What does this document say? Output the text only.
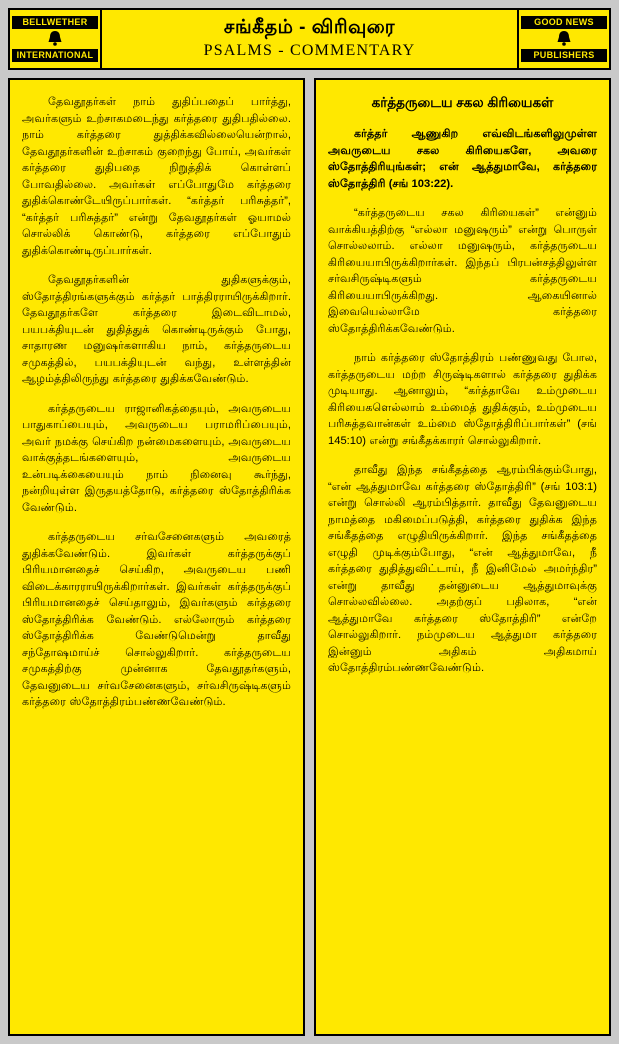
BELLWETHER
INTERNATIONAL
சங்கீதம் - விரிவுரை
PSALMS - COMMENTARY
GOOD NEWS
PUBLISHERS

தேவதூதர்கள் நாம் துதிப்பதைப் பார்த்து, அவர்களும் உற்சாகமடைந்து கர்த்தரை துதிபதில்லை. நாம் கர்த்தரை துத்திக்கவில்லையென்றால், தேவதூதர்களின் உற்சாகம் குறைந்து போய், அவர்கள் கர்த்தரை துதிபதை நிறுத்திக் கொள்ளப் போவதில்லை. அவர்கள் எப்போதுமே கர்த்தரை துதிக்கொண்டேயிருப்பார்கள். “கர்த்தர் பரிசுத்தர்”, “கர்த்தர் பரிசுத்தர்” என்று தேவதூதர்கள் ஓயாமல் சொல்லிக் கொண்டு, கர்த்தரை எப்போதும் துதிக்கொண்டிருப்பார்கள்.

தேவதூதர்களின் துதிகளுக்கும், ஸ்தோத்திரங்களுக்கும் கர்த்தர் பாத்திரராயிருக்கிறார். தேவதூதர்களே கர்த்தரை இடைவிடாமல், பயபக்தியுடன் துதித்துக் கொண்டிருக்கும் போது, சாதாரண மனுஷர்களாகிய நாம், கர்த்தருடைய சமுகத்தில், பயபக்தியுடன் வந்து, உள்ளத்தின் ஆழம்த்திலிருந்து கர்த்தரை துதிக்கவேண்டும்.

கர்த்தருடைய ராஜானிகத்தையும், அவருடைய பாதுகாப்பையும், அவருடைய பராமரிப்பையும், அவர் நமக்கு செய்கிற நன்மைகளையும், அவருடைய வாக்குத்தடங்களையும், அவருடைய உன்படிக்கையையும் நாம் நினைவு கூர்ந்து, நன்றியுள்ள இருதயத்தோடு, கர்த்தரை ஸ்தோத்திரிக்க வேண்டும்.

கர்த்தருடைய சர்வசேனைகளும் அவரைத் துதிக்கவேண்டும். இவர்கள் கர்த்தருக்குப் பிரியமானதைச் செய்கிற, அவருடைய பணி விடைக்காரராயிருக்கிறார்கள். இவர்கள் கர்த்தருக்குப் பிரியமானதைச் செய்தாலும், இவர்களும் கர்த்தரை ஸ்தோத்திரிக்க வேண்டும். எல்லோரும் கர்த்தரை ஸ்தோத்திரிக்க வேண்டுமென்று தாவீது சந்தோஷமாய்ச் சொல்லுகிறார். கர்த்தருடைய சமுகத்திற்கு முன்னாக தேவதூதர்களும், தேவனுடைய சர்வசேனைகளும், சர்வசிருஷ்டிகளும் கர்த்தரை ஸ்தோத்திரம்பண்ணவேண்டும்.

கர்த்தருடைய சகல கிரியைகள்

கர்த்தர் ஆணுகிற எவ்விடங்களிலுமுள்ள அவருடைய சகல கிரியைகளே, அவரை ஸ்தோத்திரியுங்கள்; என் ஆத்துமாவே, கர்த்தரை ஸ்தோத்திரி (சங் 103:22).

“கர்த்தருடைய சகல கிரியைகள்” என்னும் வாக்கியத்திற்கு “எல்லா மனுஷரும்” என்று பொருள் சொல்லலாம். எல்லா மனுஷரும், கர்த்தருடைய கிரியையாபிருக்கிறார்கள். இந்தப் பிரபன்சத்திலுள்ள சர்வசிருஷ்டிகளும் கர்த்தருடைய கிரியையாபிருக்கிறது. ஆகையினால் இவையெல்லாமே கர்த்தரை ஸ்தோத்திரிக்கவேண்டும்.

நாம் கர்த்தரை ஸ்தோத்திரம் பண்ணுவது போல, கர்த்தருடைய மற்ற சிருஷ்டிகளால் கர்த்தரை துதிக்க முடியாது. ஆனாலும், “கர்த்தாவே உம்முடைய கிரியைகளெல்லாம் உம்மைத் துதிக்கும், உம்முடைய பரிசுத்தவான்கள் உம்மை ஸ்தோத்திரிப்பார்கள்” (சங் 145:10) என்று சங்கீதக்காரர் சொல்லுகிறார்.

தாவீது இந்த சங்கீதத்தை ஆரம்பிக்கும்போது, “என் ஆத்துமாவே கர்த்தரை ஸ்தோத்திரி” (சங் 103:1) என்று சொல்லி ஆரம்பித்தார். தாவீது தேவனுடைய நாமத்தை மகிமைப்படுத்தி, கர்த்தரை துதிக்க இந்த சங்கீதத்தை எழுதியிருக்கிறார். இந்த சங்கீதத்தை எழுதி முடிக்கும்போது, “என் ஆத்துமாவே, நீ கர்த்தரை துதித்துவிட்டாய், நீ இனிமேல் அமர்ந்திர” என்று தாவீது தன்னுடைய ஆத்துமாவுக்கு சொல்லவில்லை. அதற்குப் பதிலாக, “என் ஆத்துமாவே கர்த்தரை ஸ்தோத்திரி” என்றே சொல்லுகிறார். நம்முடைய ஆத்துமா கர்த்தரை இன்னும் அதிகம் அதிகமாய் ஸ்தோத்திரம்பண்ணவேண்டும்.
